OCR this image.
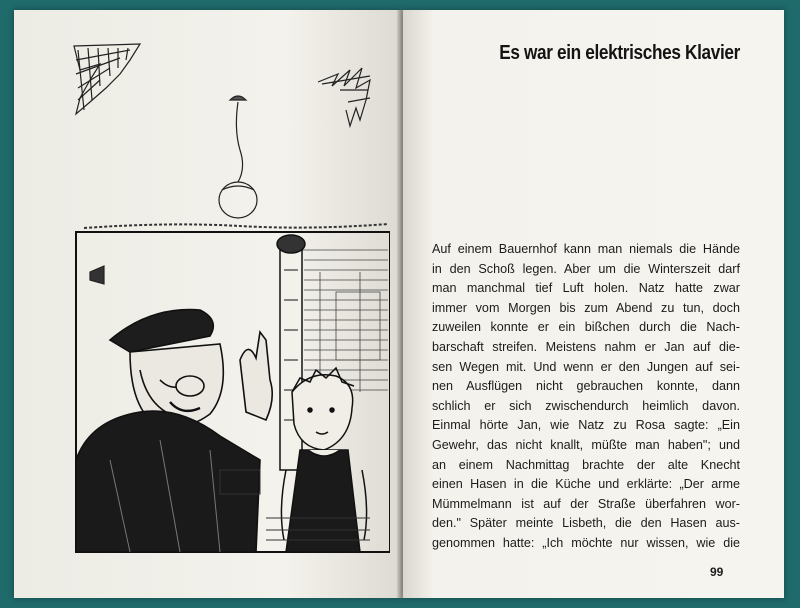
Es war ein elektrisches Klavier
Auf einem Bauernhof kann man niemals die Hände
in den Schoß legen. Aber um die Winterszeit darf
man manchmal tief Luft holen. Natz hatte zwar
immer vom Morgen bis zum Abend zu tun, doch
zuweilen konnte er ein bißchen durch die Nach-
barschaft streifen. Meistens nahm er Jan auf die-
sen Wegen mit. Und wenn er den Jungen auf sei-
nen Ausflügen nicht gebrauchen konnte, dann
schlich er sich zwischendurch heimlich davon.
Einmal hörte Jan, wie Natz zu Rosa sagte: „Ein
Gewehr, das nicht knallt, müßte man haben"; und
an einem Nachmittag brachte der alte Knecht
einen Hasen in die Küche und erklärte: „Der arme
Mümmelmann ist auf der Straße überfahren wor-
den." Später meinte Lisbeth, die den Hasen aus-
genommen hatte: „Ich möchte nur wissen, wie die
99
